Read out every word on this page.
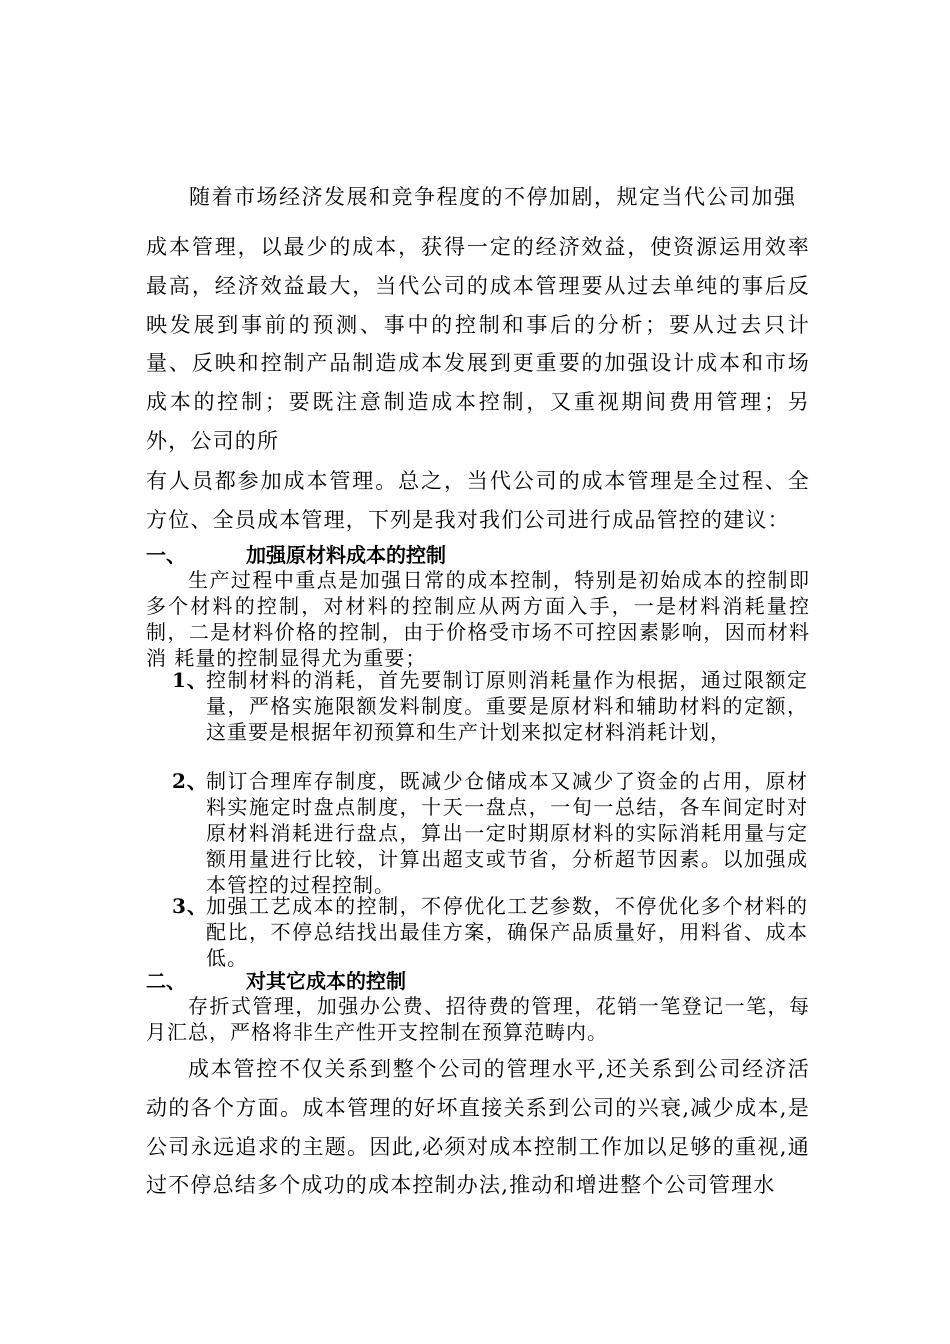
随着市场经济发展和竞争程度的不停加剧，规定当代公司加强

成本管理，以最少的成本，获得一定的经济效益，使资源运用效率最高，经济效益最大，当代公司的成本管理要从过去单纯的事后反映发展到事前的预测、事中的控制和事后的分析；要从过去只计量、反映和控制产品制造成本发展到更重要的加强设计成本和市场成本的控制；要既注意制造成本控制，又重视期间费用管理；另外，公司的所

有人员都参加成本管理。总之，当代公司的成本管理是全过程、全方位、全员成本管理，下列是我对我们公司进行成品管控的建议：

一、	加强原材料成本的控制

生产过程中重点是加强日常的成本控制，特别是初始成本的控制即多个材料的控制，对材料的控制应从两方面入手，一是材料消耗量控制，二是材料价格的控制，由于价格受市场不可控因素影响，因而材料消 耗量的控制显得尤为重要；

1、
控制材料的消耗，首先要制订原则消耗量作为根据，通过限额定量，严格实施限额发料制度。重要是原材料和辅助材料的定额，这重要是根据年初预算和生产计划来拟定材料消耗计划，
2、
制订合理库存制度，既减少仓储成本又减少了资金的占用，原材料实施定时盘点制度，十天一盘点，一旬一总结，各车间定时对原材料消耗进行盘点，算出一定时期原材料的实际消耗用量与定额用量进行比较，计算出超支或节省，分析超节因素。以加强成本管控的过程控制。
3、
加强工艺成本的控制，不停优化工艺参数，不停优化多个材料的配比，不停总结找出最佳方案，确保产品质量好，用料省、成本低。

二、	对其它成本的控制

存折式管理，加强办公费、招待费的管理，花销一笔登记一笔，每月汇总，严格将非生产性开支控制在预算范畴内。

成本管控不仅关系到整个公司的管理水平,还关系到公司经济活动的各个方面。成本管理的好坏直接关系到公司的兴衰,减少成本,是公司永远追求的主题。因此,必须对成本控制工作加以足够的重视,通过不停总结多个成功的成本控制办法,推动和增进整个公司管理水
